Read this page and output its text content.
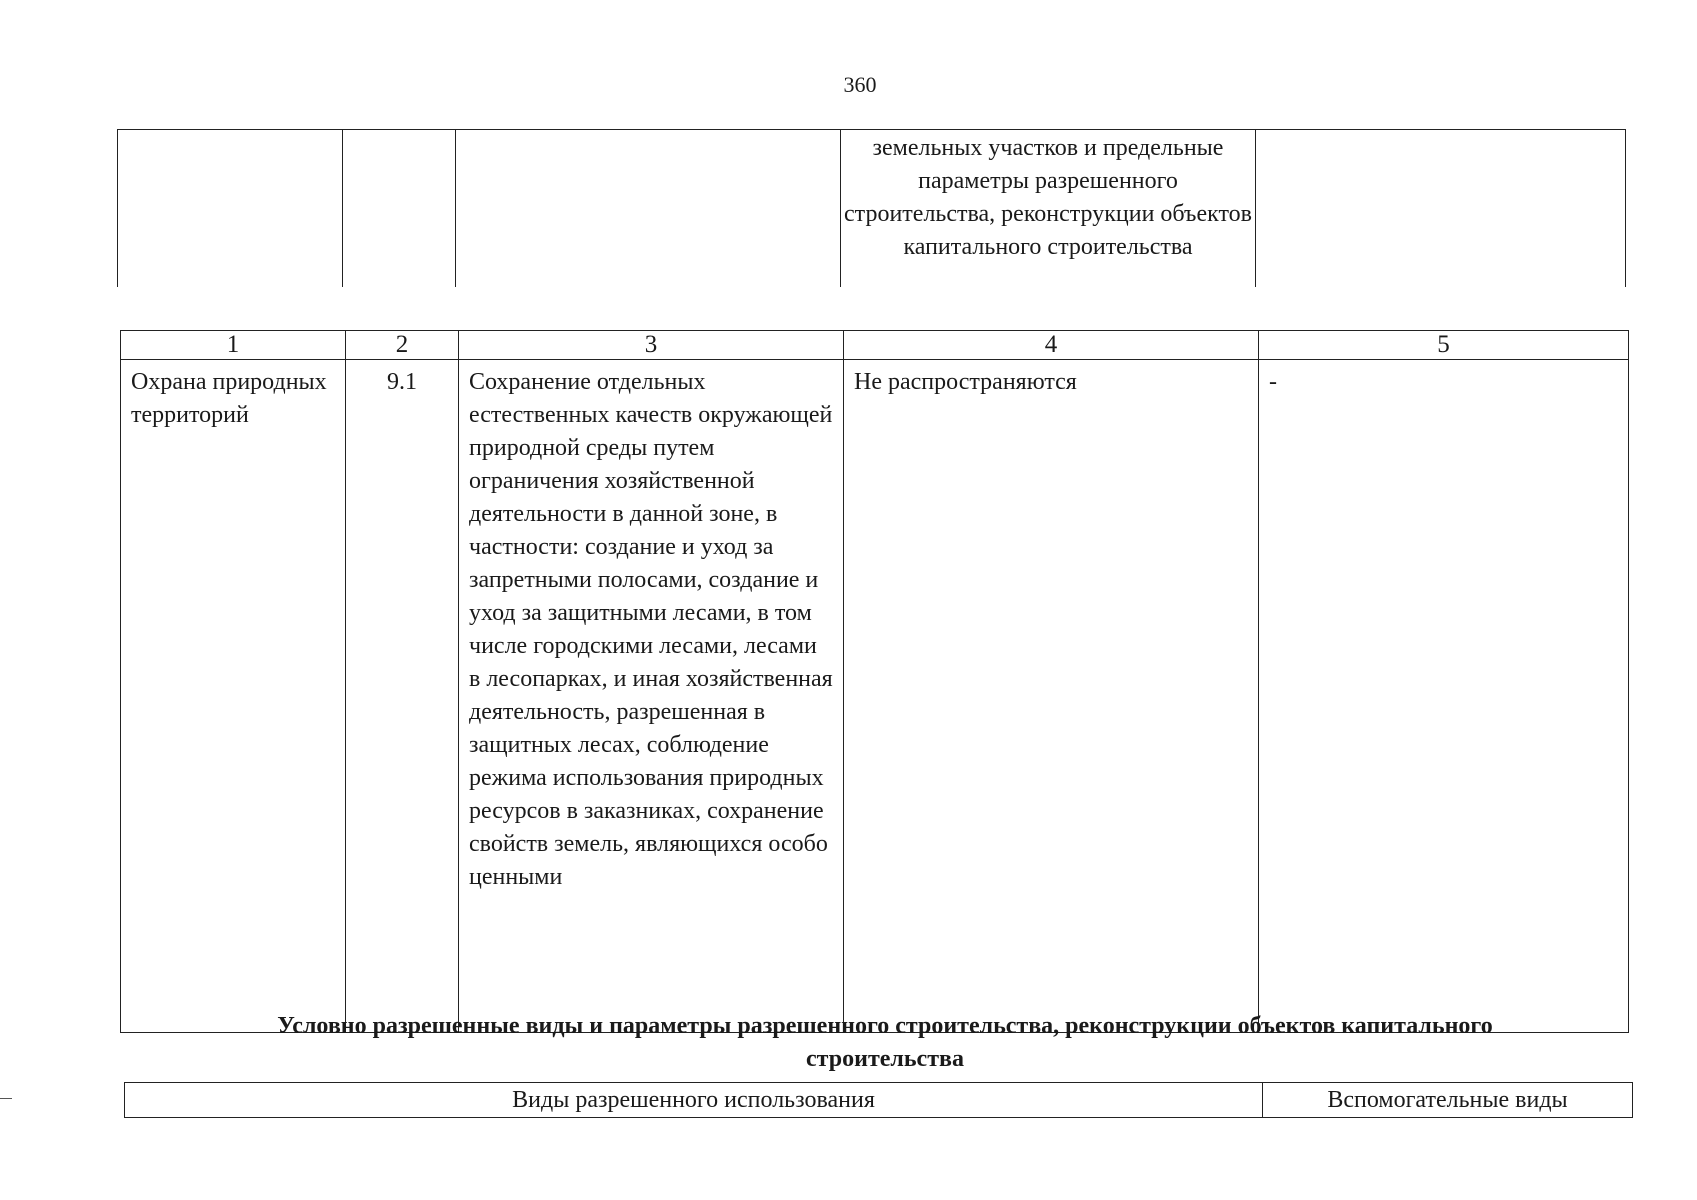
360
			земельных участков и предельные параметры разрешенного строительства, реконструкции объектов капитального строительства	
1	2	3	4	5
Охрана природных территорий	9.1	Сохранение отдельных естественных качеств окружающей природной среды путем ограничения хозяйственной деятельности в данной зоне, в частности: создание и уход за запретными полосами, создание и уход за защитными лесами, в том числе городскими лесами, лесами в лесопарках, и иная хозяйственная деятельность, разрешенная в защитных лесах, соблюдение режима использования природных ресурсов в заказниках, сохранение свойств земель, являющихся особо ценными	Не распространяются	-
Условно разрешенные виды и параметры разрешенного строительства, реконструкции объектов капитального строительства
Виды разрешенного использования	Вспомогательные виды
